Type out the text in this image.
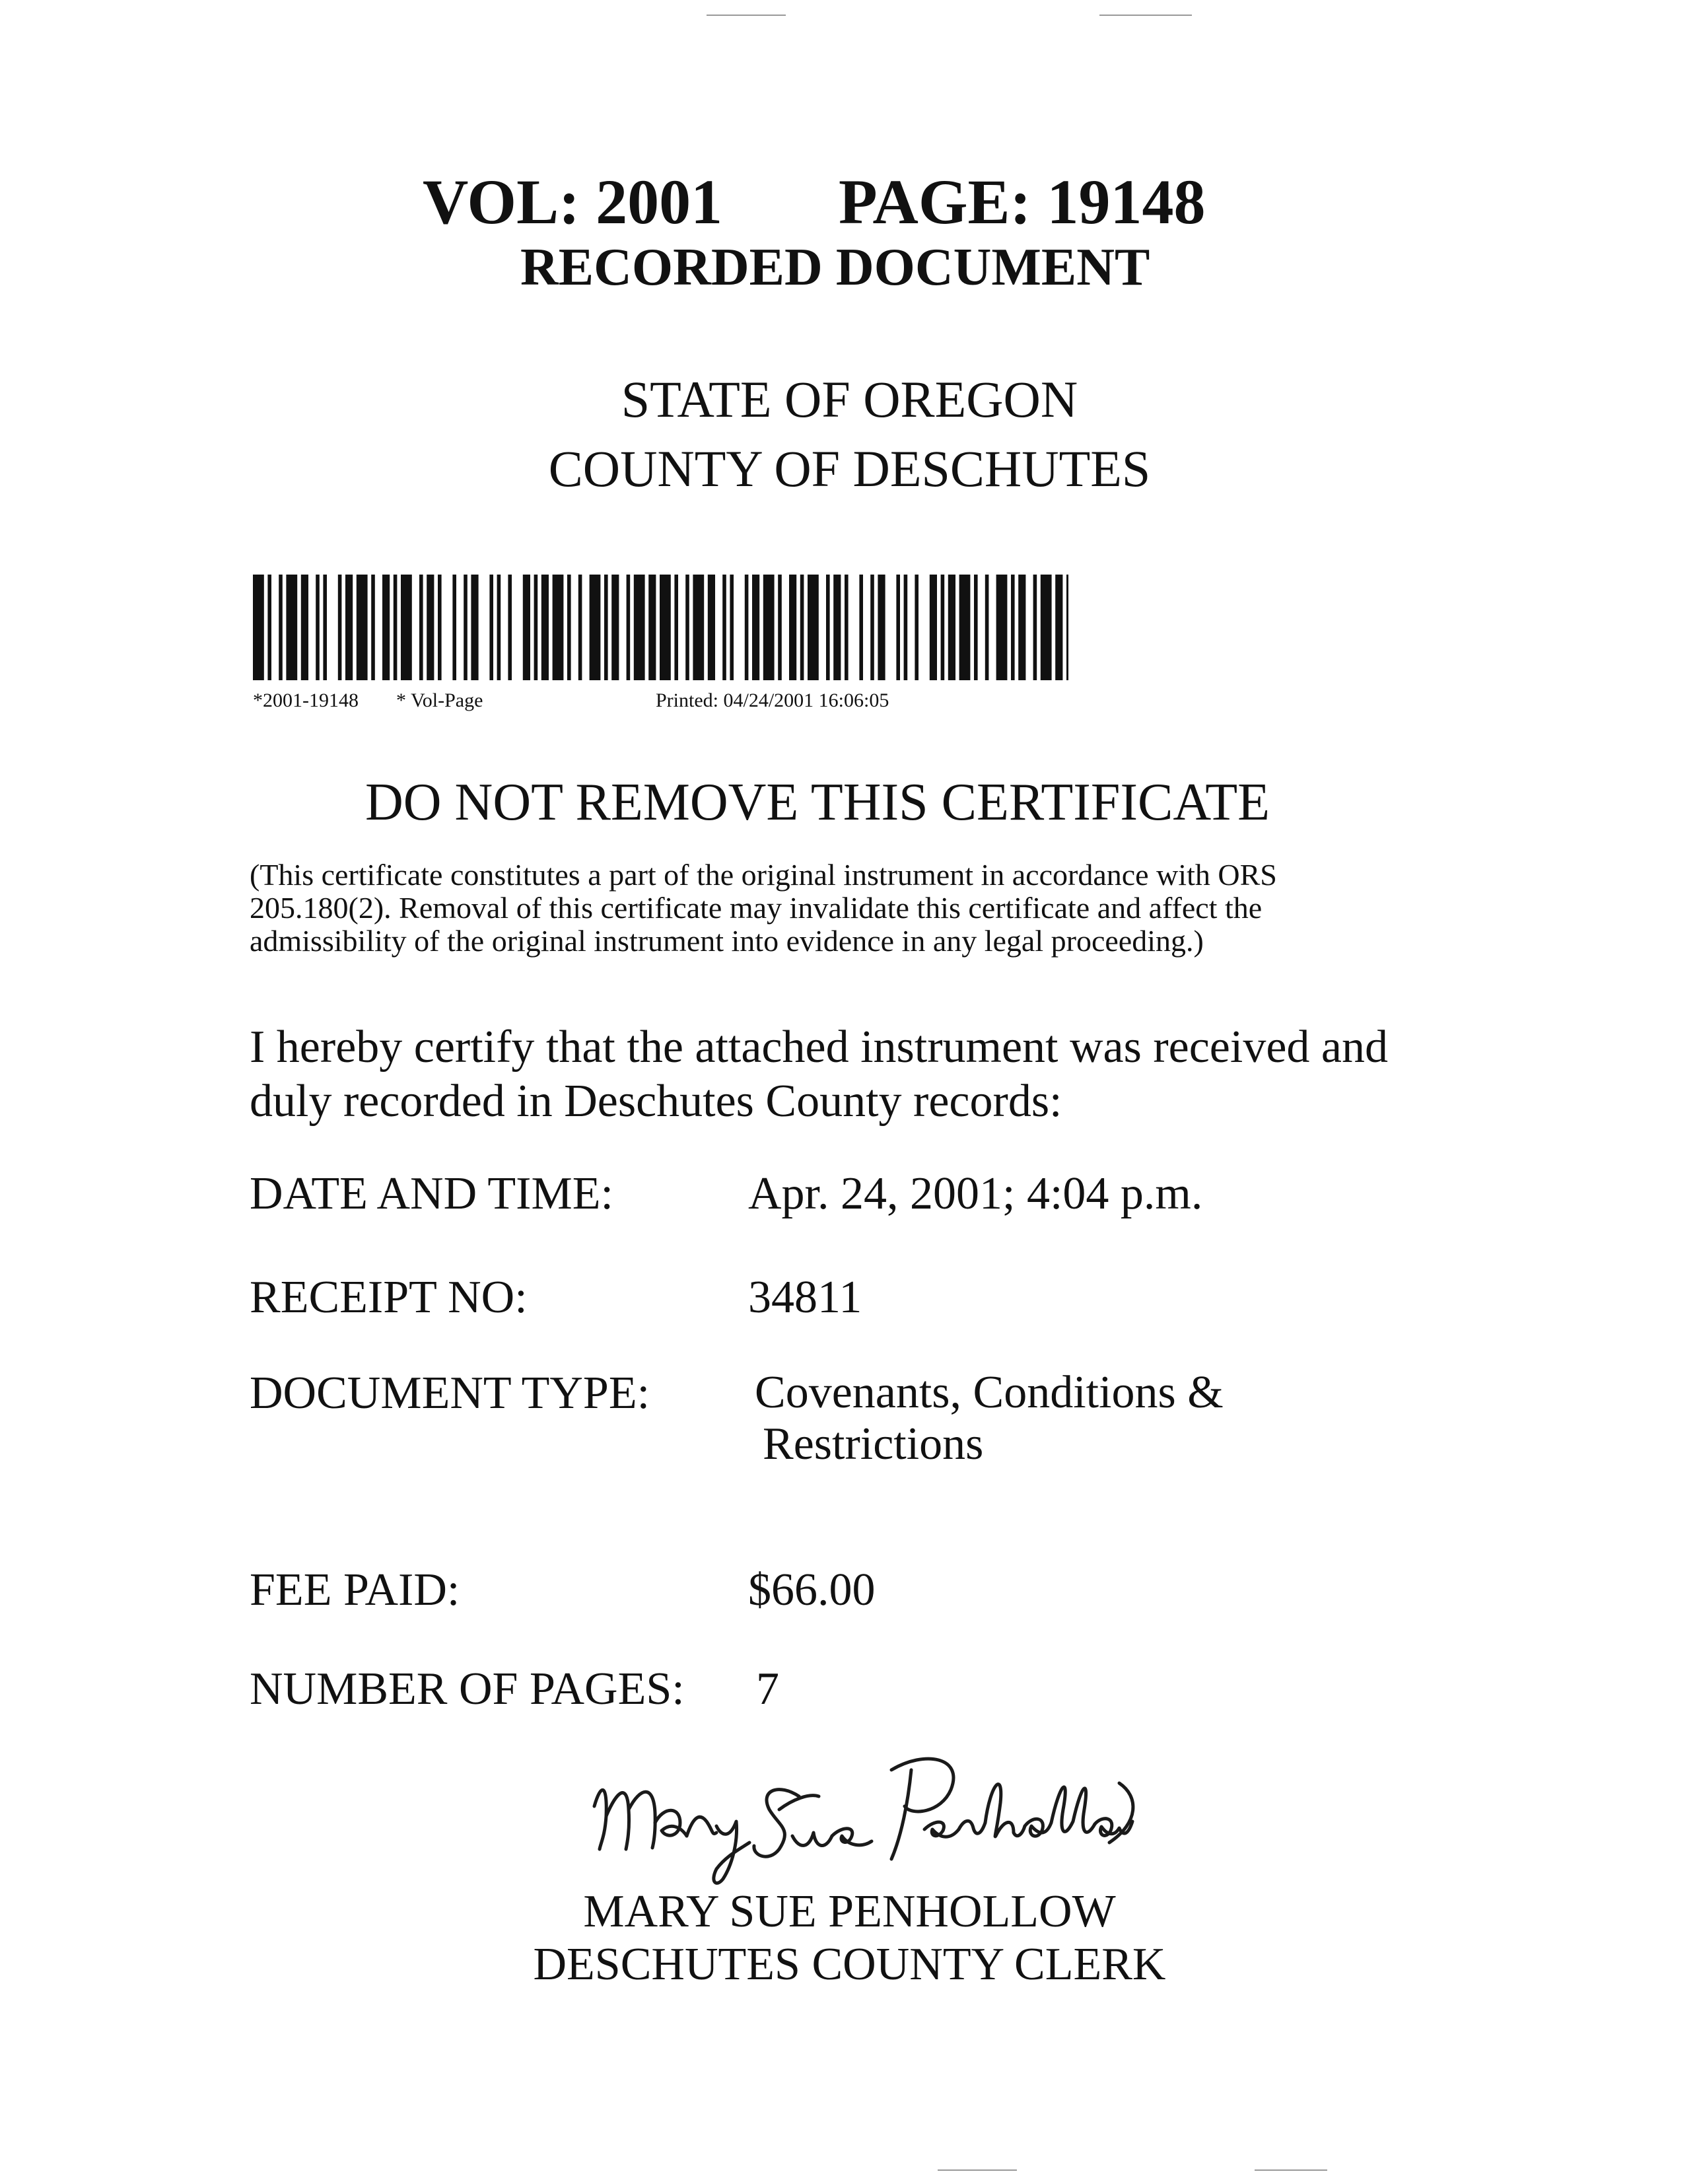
VOL: 2001 PAGE: 19148
RECORDED DOCUMENT
STATE OF OREGON
COUNTY OF DESCHUTES
*2001-19148 * Vol-Page	Printed: 04/24/2001 16:06:05
DO NOT REMOVE THIS CERTIFICATE
(This certificate constitutes a part of the original instrument in accordance with ORS 205.180(2). Removal of this certificate may invalidate this certificate and affect the admissibility of the original instrument into evidence in any legal proceeding.)
I hereby certify that the attached instrument was received and duly recorded in Deschutes County records:
DATE AND TIME:	Apr. 24, 2001; 4:04 p.m.
RECEIPT NO:	34811
DOCUMENT TYPE: Covenants, Conditions &
Restrictions
FEE PAID:	$66.00
NUMBER OF PAGES: 7
MARY SUE PENHOLLOW
DESCHUTES COUNTY CLERK
